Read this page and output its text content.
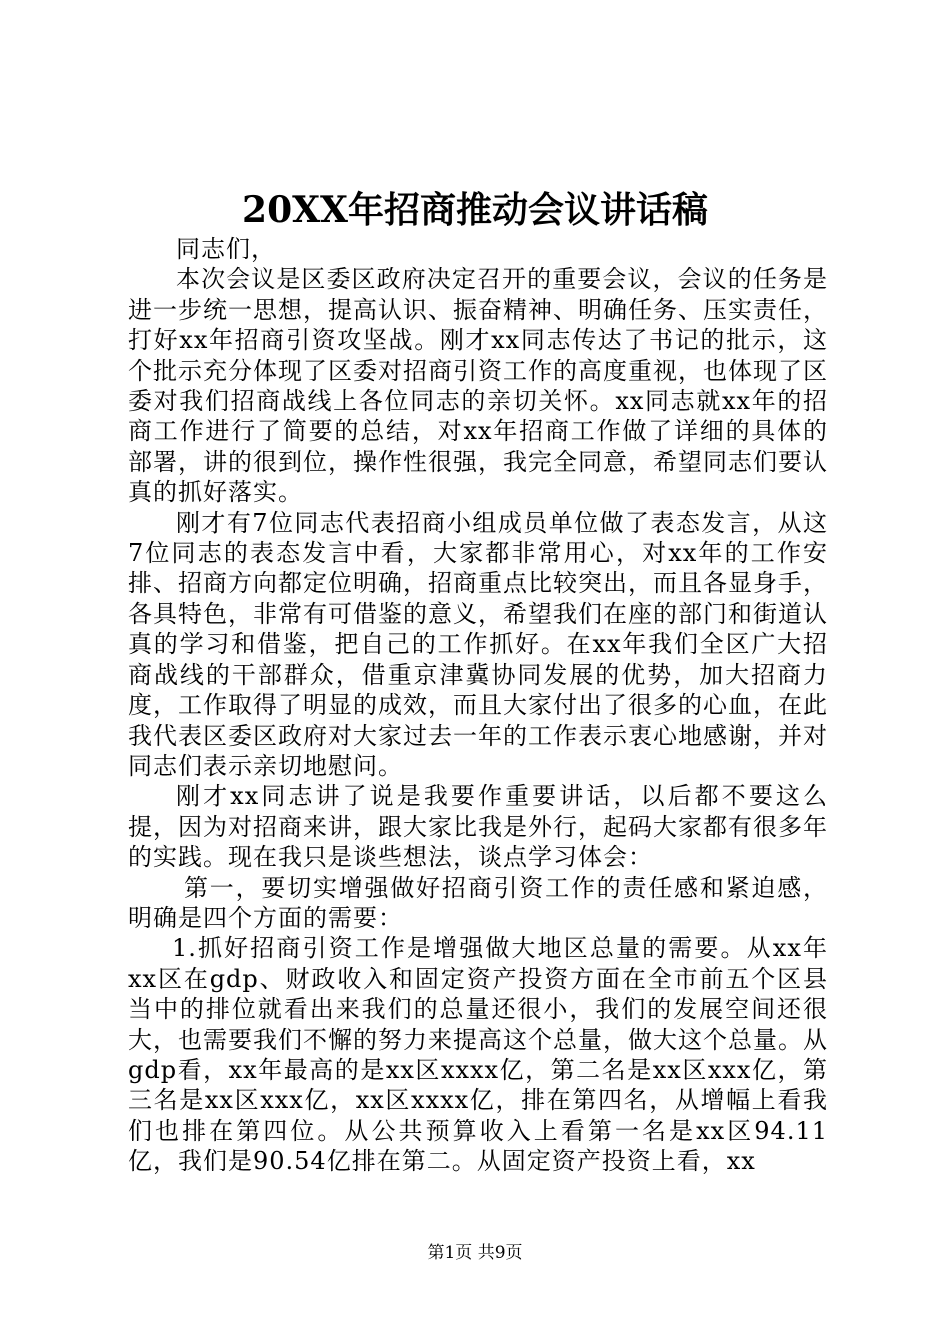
20XX年招商推动会议讲话稿

同志们，

本次会议是区委区政府决定召开的重要会议，会议的任务是进一步统一思想，提高认识、振奋精神、明确任务、压实责任，打好xx年招商引资攻坚战。刚才xx同志传达了书记的批示，这个批示充分体现了区委对招商引资工作的高度重视，也体现了区委对我们招商战线上各位同志的亲切关怀。xx同志就xx年的招商工作进行了简要的总结，对xx年招商工作做了详细的具体的部署，讲的很到位，操作性很强，我完全同意，希望同志们要认真的抓好落实。

刚才有7位同志代表招商小组成员单位做了表态发言，从这7位同志的表态发言中看，大家都非常用心，对xx年的工作安排、招商方向都定位明确，招商重点比较突出，而且各显身手，各具特色，非常有可借鉴的意义，希望我们在座的部门和街道认真的学习和借鉴，把自己的工作抓好。在xx年我们全区广大招商战线的干部群众，借重京津冀协同发展的优势，加大招商力度，工作取得了明显的成效，而且大家付出了很多的心血，在此我代表区委区政府对大家过去一年的工作表示衷心地感谢，并对同志们表示亲切地慰问。

刚才xx同志讲了说是我要作重要讲话，以后都不要这么提，因为对招商来讲，跟大家比我是外行，起码大家都有很多年的实践。现在我只是谈些想法，谈点学习体会：

第一，要切实增强做好招商引资工作的责任感和紧迫感，明确是四个方面的需要：

1.抓好招商引资工作是增强做大地区总量的需要。从xx年xx区在gdp、财政收入和固定资产投资方面在全市前五个区县当中的排位就看出来我们的总量还很小，我们的发展空间还很大，也需要我们不懈的努力来提高这个总量，做大这个总量。从gdp看，xx年最高的是xx区xxxx亿，第二名是xx区xxx亿，第三名是xx区xxx亿，xx区xxxx亿，排在第四名，从增幅上看我们也排在第四位。从公共预算收入上看第一名是xx区94.11亿，我们是90.54亿排在第二。从固定资产投资上看，xx

第1页 共9页
